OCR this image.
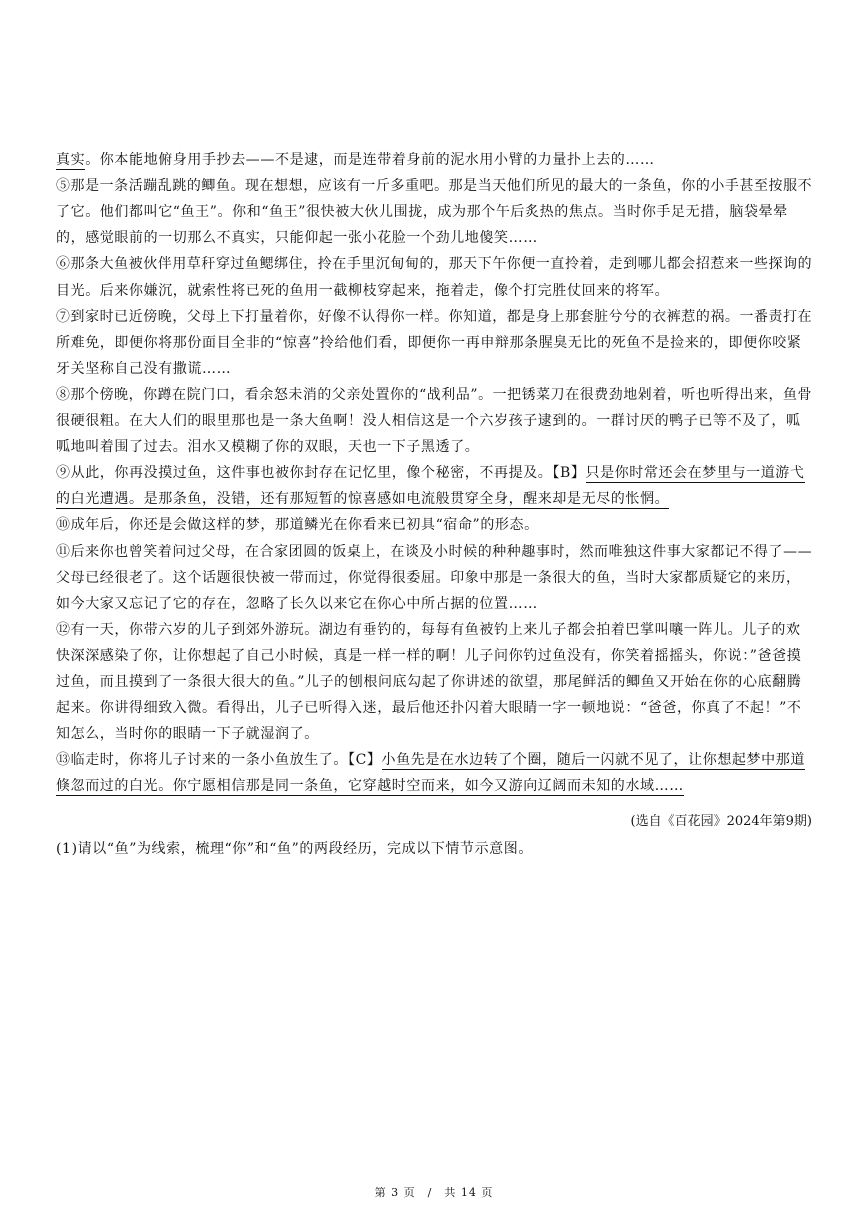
真实。你本能地俯身用手抄去——不是逮，而是连带着身前的泥水用小臂的力量扑上去的……
⑤那是一条活蹦乱跳的鲫鱼。现在想想，应该有一斤多重吧。那是当天他们所见的最大的一条鱼，你的小手甚至按服不
了它。他们都叫它“鱼王”。你和“鱼王”很快被大伙儿围拢，成为那个午后炙热的焦点。当时你手足无措，脑袋晕晕
的，感觉眼前的一切那么不真实，只能仰起一张小花脸一个劲儿地傻笑……
⑥那条大鱼被伙伴用草秆穿过鱼鳃绑住，拎在手里沉甸甸的，那天下午你便一直拎着，走到哪儿都会招惹来一些探询的
目光。后来你嫌沉，就索性将已死的鱼用一截柳枝穿起来，拖着走，像个打完胜仗回来的将军。
⑦到家时已近傍晚，父母上下打量着你，好像不认得你一样。你知道，都是身上那套脏兮兮的衣裤惹的祸。一番责打在
所难免，即便你将那份面目全非的“惊喜”拎给他们看，即便你一再申辩那条腥臭无比的死鱼不是捡来的，即便你咬紧
牙关坚称自己没有撒谎……
⑧那个傍晚，你蹲在院门口，看余怒未消的父亲处置你的“战利品”。一把锈菜刀在很费劲地剁着，听也听得出来，鱼骨
很硬很粗。在大人们的眼里那也是一条大鱼啊！没人相信这是一个六岁孩子逮到的。一群讨厌的鸭子已等不及了，呱
呱地叫着围了过去。泪水又模糊了你的双眼，天也一下子黑透了。
⑨从此，你再没摸过鱼，这件事也被你封存在记忆里，像个秘密，不再提及。【B】只是你时常还会在梦里与一道游弋
的白光遭遇。是那条鱼，没错，还有那短暂的惊喜感如电流般贯穿全身，醒来却是无尽的怅惘。
⑩成年后，你还是会做这样的梦，那道鳞光在你看来已初具“宿命”的形态。
⑪后来你也曾笑着问过父母，在合家团圆的饭桌上，在谈及小时候的种种趣事时，然而唯独这件事大家都记不得了——
父母已经很老了。这个话题很快被一带而过，你觉得很委屈。印象中那是一条很大的鱼，当时大家都质疑它的来历，
如今大家又忘记了它的存在，忽略了长久以来它在你心中所占据的位置……
⑫有一天，你带六岁的儿子到郊外游玩。湖边有垂钓的，每每有鱼被钓上来儿子都会拍着巴掌叫嚷一阵儿。儿子的欢
快深深感染了你，让你想起了自己小时候，真是一样一样的啊！儿子问你钓过鱼没有，你笑着摇摇头，你说：”爸爸摸
过鱼，而且摸到了一条很大很大的鱼。”儿子的刨根问底勾起了你讲述的欲望，那尾鲜活的鲫鱼又开始在你的心底翻腾
起来。你讲得细致入微。看得出，儿子已听得入迷，最后他还扑闪着大眼睛一字一顿地说：“爸爸，你真了不起！”不
知怎么，当时你的眼睛一下子就湿润了。
⑬临走时，你将儿子讨来的一条小鱼放生了。【C】小鱼先是在水边转了个圈，随后一闪就不见了，让你想起梦中那道
倏忽而过的白光。你宁愿相信那是同一条鱼，它穿越时空而来，如今又游向辽阔而未知的水域……
(选自《百花园》2024年第9期)
(1)请以“鱼”为线索，梳理“你”和“鱼”的两段经历，完成以下情节示意图。
第 3 页　/　共 14 页
